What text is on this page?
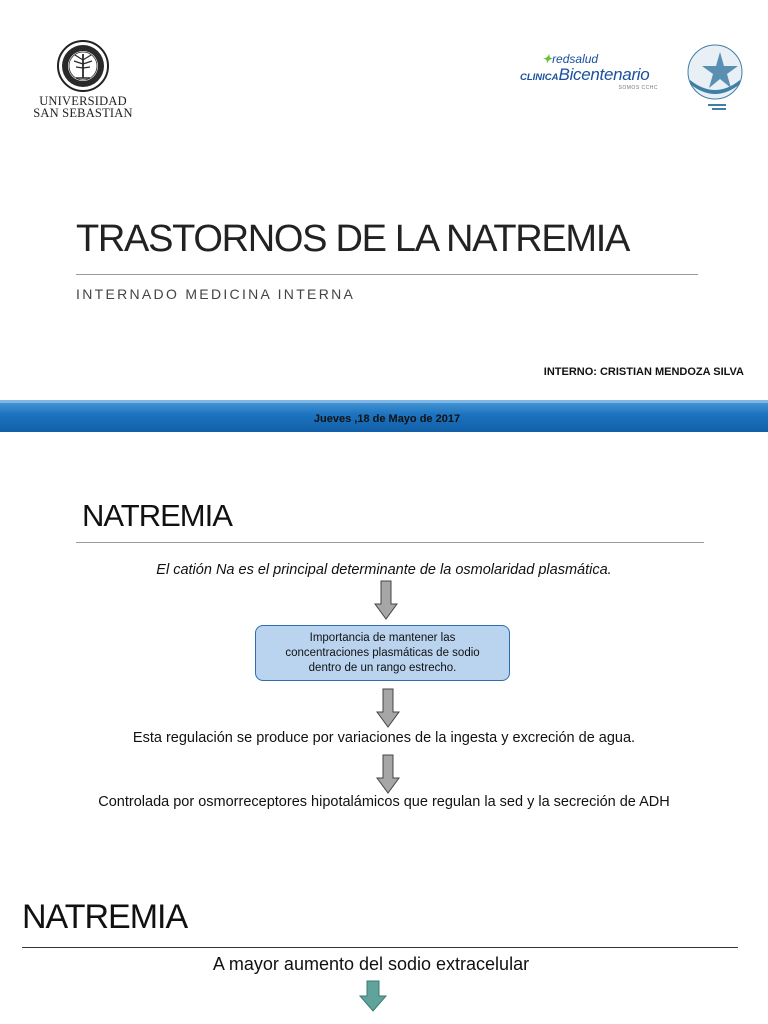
UNIVERSIDAD
SAN SEBASTIAN
✦redsalud
CLINICABicentenario
SOMOS CCHC
TRASTORNOS DE LA NATREMIA
INTERNADO MEDICINA INTERNA
INTERNO: CRISTIAN MENDOZA SILVA
Jueves ,18 de Mayo de 2017
NATREMIA
El catión Na es el principal determinante de la osmolaridad plasmática.
Importancia de mantener las
concentraciones plasmáticas de sodio
dentro de un rango estrecho.
Esta regulación se produce por variaciones de la ingesta y excreción de agua.
Controlada por osmorreceptores hipotalámicos que regulan la sed y la secreción de ADH
NATREMIA
A mayor aumento del sodio extracelular
